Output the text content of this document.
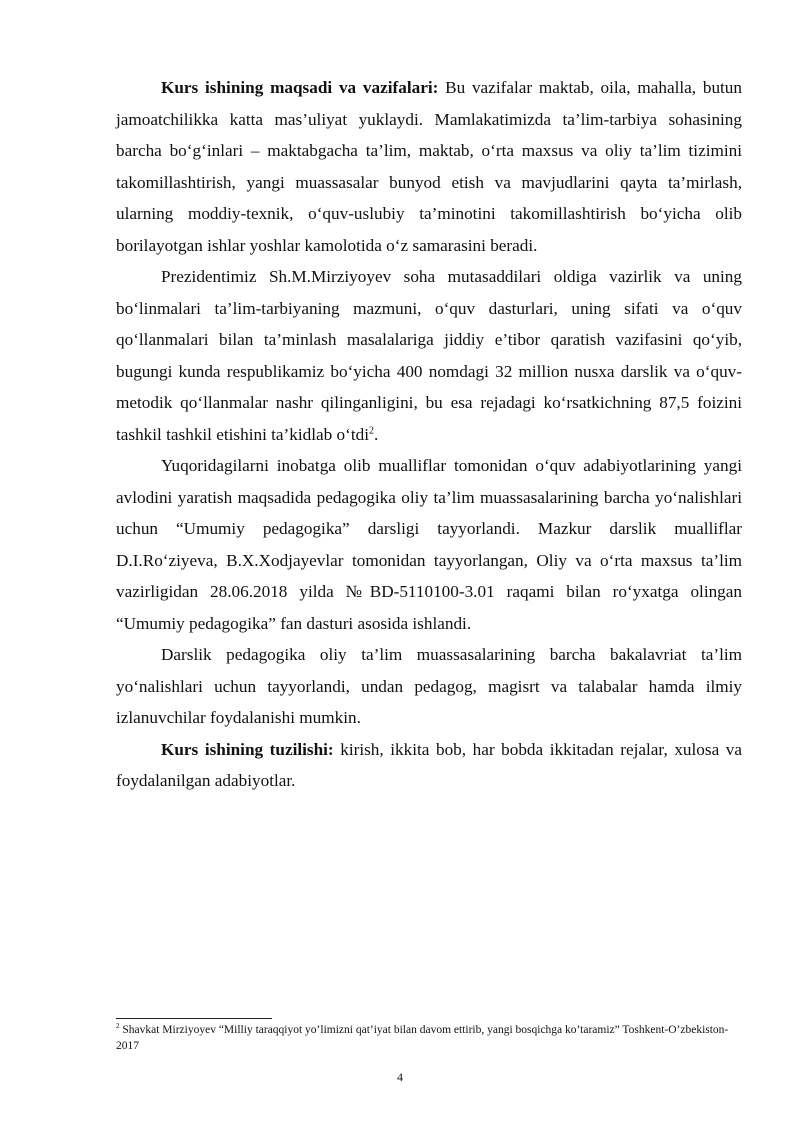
Kurs ishining maqsadi va vazifalari: Bu vazifalar maktab, oila, mahalla, butun jamoatchilikka katta mas’uliyat yuklaydi. Mamlakatimizda ta’lim-tarbiya sohasining barcha bo‘g‘inlari – maktabgacha ta’lim, maktab, o‘rta maxsus va oliy ta’lim tizimini takomillashtirish, yangi muassasalar bunyod etish va mavjudlarini qayta ta’mirlash, ularning moddiy-texnik, o‘quv-uslubiy ta’minotini takomillashtirish bo‘yicha olib borilayotgan ishlar yoshlar kamolotida o‘z samarasini beradi.

Prezidentimiz Sh.M.Mirziyoyev soha mutasaddilari oldiga vazirlik va uning bo‘linmalari ta’lim-tarbiyaning mazmuni, o‘quv dasturlari, uning sifati va o‘quv qo‘llanmalari bilan ta’minlash masalalariga jiddiy e’tibor qaratish vazifasini qo‘yib, bugungi kunda respublikamiz bo‘yicha 400 nomdagi 32 million nusxa darslik va o‘quv-metodik qo‘llanmalar nashr qilinganligini, bu esa rejadagi ko‘rsatkichning 87,5 foizini tashkil tashkil etishini ta’kidlab o‘tdi$^2$.

Yuqoridagilarni inobatga olib mualliflar tomonidan o‘quv adabiyotlarining yangi avlodini yaratish maqsadida pedagogika oliy ta’lim muassasalarining barcha yo‘nalishlari uchun “Umumiy pedagogika” darsligi tayyorlandi. Mazkur darslik mualliflar D.I.Ro‘ziyeva, B.X.Xodjayevlar tomonidan tayyorlangan, Oliy va o‘rta maxsus ta’lim vazirligidan 28.06.2018 yilda №BD-5110100-3.01 raqami bilan ro‘yxatga olingan “Umumiy pedagogika” fan dasturi asosida ishlandi.

Darslik pedagogika oliy ta’lim muassasalarining barcha bakalavriat ta’lim yo‘nalishlari uchun tayyorlandi, undan pedagog, magisrt va talabalar hamda ilmiy izlanuvchilar foydalanishi mumkin.

Kurs ishining tuzilishi: kirish, ikkita bob, har bobda ikkitadan rejalar, xulosa va foydalanilgan adabiyotlar.

$^2$ Shavkat Mirziyoyev “Milliy taraqqiyot yo’limizni qat’iyat bilan davom ettirib, yangi bosqichga ko’taramiz” Toshkent-O’zbekiston-2017

4
